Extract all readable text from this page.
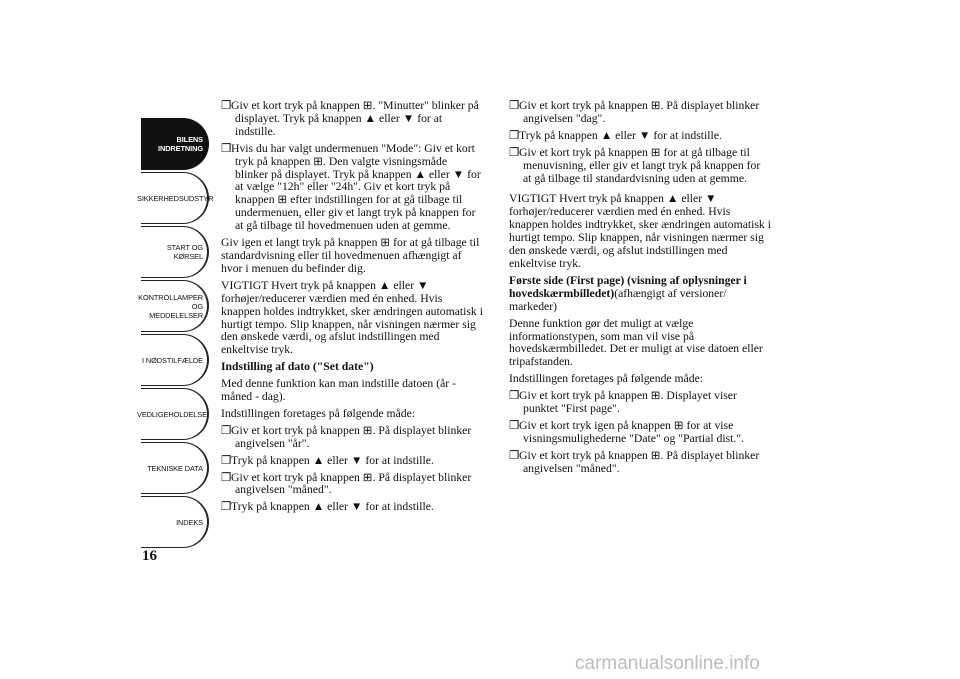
BILENS INDRETNING
SIKKERHEDSUDSTYR
START OG KØRSEL
KONTROLLAMPER OG MEDDELELSER
I NØDSTILFÆLDE
VEDLIGEHOLDELSE
TEKNISKE DATA
INDEKS
16

❐Giv et kort tryk på knappen ⊞. "Minutter" blinker på displayet. Tryk på knappen ▲ eller ▼ for at indstille.

❐Hvis du har valgt undermenuen "Mode": Giv et kort tryk på knappen ⊞. Den valgte visningsmåde blinker på displayet. Tryk på knappen ▲ eller ▼ for at vælge "12h" eller "24h". Giv et kort tryk på knappen ⊞ efter indstillingen for at gå tilbage til undermenuen, eller giv et langt tryk på knappen for at gå tilbage til hovedmenuen uden at gemme.

Giv igen et langt tryk på knappen ⊞ for at gå tilbage til standardvisning eller til hovedmenuen afhængigt af hvor i menuen du befinder dig.

VIGTIGT Hvert tryk på knappen ▲ eller ▼ forhøjer/reducerer værdien med én enhed. Hvis knappen holdes indtrykket, sker ændringen automatisk i hurtigt tempo. Slip knappen, når visningen nærmer sig den ønskede værdi, og afslut indstillingen med enkeltvise tryk.

Indstilling af dato ("Set date")

Med denne funktion kan man indstille datoen (år - måned - dag).

Indstillingen foretages på følgende måde:

❐Giv et kort tryk på knappen ⊞. På displayet blinker angivelsen "år".

❐Tryk på knappen ▲ eller ▼ for at indstille.

❐Giv et kort tryk på knappen ⊞. På displayet blinker angivelsen "måned".

❐Tryk på knappen ▲ eller ▼ for at indstille.

❐Giv et kort tryk på knappen ⊞. På displayet blinker angivelsen "dag".

❐Tryk på knappen ▲ eller ▼ for at indstille.

❐Giv et kort tryk på knappen ⊞ for at gå tilbage til menuvisning, eller giv et langt tryk på knappen for at gå tilbage til standardvisning uden at gemme.

VIGTIGT Hvert tryk på knappen ▲ eller ▼ forhøjer/reducerer værdien med én enhed. Hvis knappen holdes indtrykket, sker ændringen automatisk i hurtigt tempo. Slip knappen, når visningen nærmer sig den ønskede værdi, og afslut indstillingen med enkeltvise tryk.

Første side (First page) (visning af oplysninger i hovedskærmbilledet)(afhængigt af versioner/ markeder)

Denne funktion gør det muligt at vælge informationstypen, som man vil vise på hovedskærmbilledet. Det er muligt at vise datoen eller tripafstanden.

Indstillingen foretages på følgende måde:

❐Giv et kort tryk på knappen ⊞. Displayet viser punktet "First page".

❐Giv et kort tryk igen på knappen ⊞ for at vise visningsmulighederne "Date" og "Partial dist.".

❐Giv et kort tryk på knappen ⊞. På displayet blinker angivelsen "måned".

carmanualsonline.info
